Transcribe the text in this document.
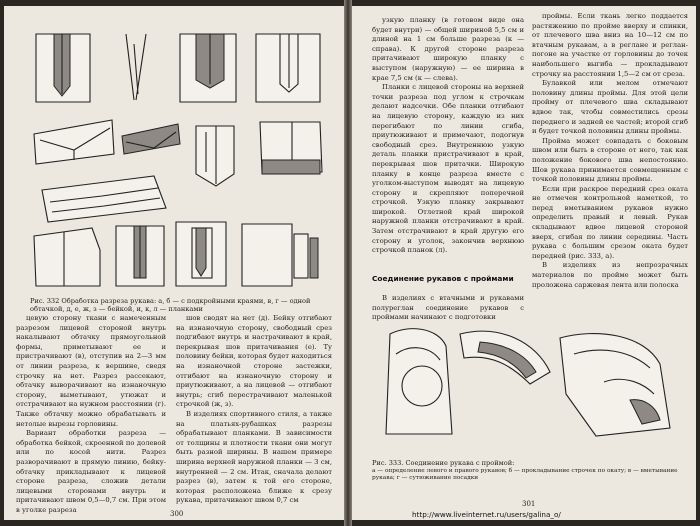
Рис. 332 Обработка разреза рукава: а, б — с подкройными краями, в, г — одной обтачкой, д, е, ж, з — бейкой, и, к, л — планками

цевую сторону ткани с намеченным разрезом лицевой стороной внутрь накалывают обтачку прямоугольной формы, приметывают ее и пристрачивают (в), отступив на 2—3 мм от линии разреза, к вершине, сведя строчку на нет. Разрез рассекают, обтачку выворачивают на изнаночную сторону, выметывают, утюжат и отстрачивают на нужном расстоянии (г). Также обтачку можно обрабатывать и нетолые вырезы горловины.

Вариант обработки разреза — обработка бейкой, скроенной по долевой или по косой нити. Разрез разворачивают в прямую линию, бейку-обтачку прикладывают к лицевой стороне разреза, сложив детали лицевыми сторонами внутрь и притачивают швом 0,5—0,7 см. При этом в уголке разреза

шов сводят на нет (д). Бейку отгибают на изнаночную сторону, свободный срез подгибают внутрь и настрачивают в край, перекрывая шов притачивания (е). Ту половину бейки, которая будет находиться на изнаночной стороне застежки, отгибают на изнаночную сторону и приутюживают, а на лицевой — отгибают внутрь; сгиб перестрачивают маленькой строчкой (ж, з).

В изделиях спортивного стиля, а также на платьях-рубашках разрезы обрабатывают планками. В зависимости от толщины и плотности ткани они могут быть разной ширины. В нашем примере ширина верхней наружной планки — 3 см, внутренней — 2 см. Итак, сначала делают разрез (в), затем к той его стороне, которая расположена ближе к срезу рукава, притачивают швом 0,7 см

300

узкую планку (в готовом виде она будет внутри) — общей шириной 5,5 см и длиной на 1 см больше разреза (к — справа). К другой стороне разреза притачивают широкую планку с выступом (наружную) — ее ширина в крае 7,5 см (к — слева).

Планки с лицевой стороны на верхней точки разреза под углом к строчкам делают надсечки. Обе планки отгибают на лицевую сторону, каждую из них перегибают по линии сгиба, приутюживают и примечают, подогнув свободный срез. Внутреннюю узкую деталь планки пристрачивают в край, перекрывая шов притачки. Широкую планку в конце разреза вместе с уголком-выступом выводят на лицевую сторону и скрепляют поперечной строчкой. Узкую планку закрывают широкой. Отлетной край широкой наружной планки отстрачивают в край. Затем отстрачивают в край другую его сторону и уголок, закончив верхнюю строчкой планок (л).

Соединение рукавов с проймами

В изделиях с втачными и рукавами полуреглан соединение рукавов с проймами начинают с подготовки

проймы. Если ткань легко поддается растяжению по пройме вверху и спинки, от плечевого шва вниз на 10—12 см по втачным рукавам, а в реглане и реглан-погоне на участке от горловины до точек наибольшего выгиба — прокладывают строчку на расстоянии 1,5—2 см от среза.

Булавкой или мелом отмечают половину длины проймы. Для этой цели пройму от плечевого шва складывают вдвое так, чтобы совместились срезы переднего и задней ее частей; второй сгиб и будет точкой половины длины проймы.

Пройма может совпадать с боковым швом или быть в стороне от него, так как положение бокового шва непостоянно. Шов рукава принимается совмещенным с точкой половины длины проймы.

Если при раскрое передний срез оката не отмечен контрольной наметкой, то перед вметыванием рукавов нужно определить правый и левый. Рукав складывают вдвое лицевой стороной вверх, сгибая по линии середины. Часть рукава с большим срезом оката будет передней (рис. 333, а).

В изделиях из непрозрачных материалов по пройме может быть проложена саржевая лента или полоска

Рис. 333. Соединение рукава с проймой:
а — определение левого и правого рукавов; б — прокладывание строчек по окату; в — вметывание рукава; г — сутюживание посадки
301
http://www.liveinternet.ru/users/galina_o/
